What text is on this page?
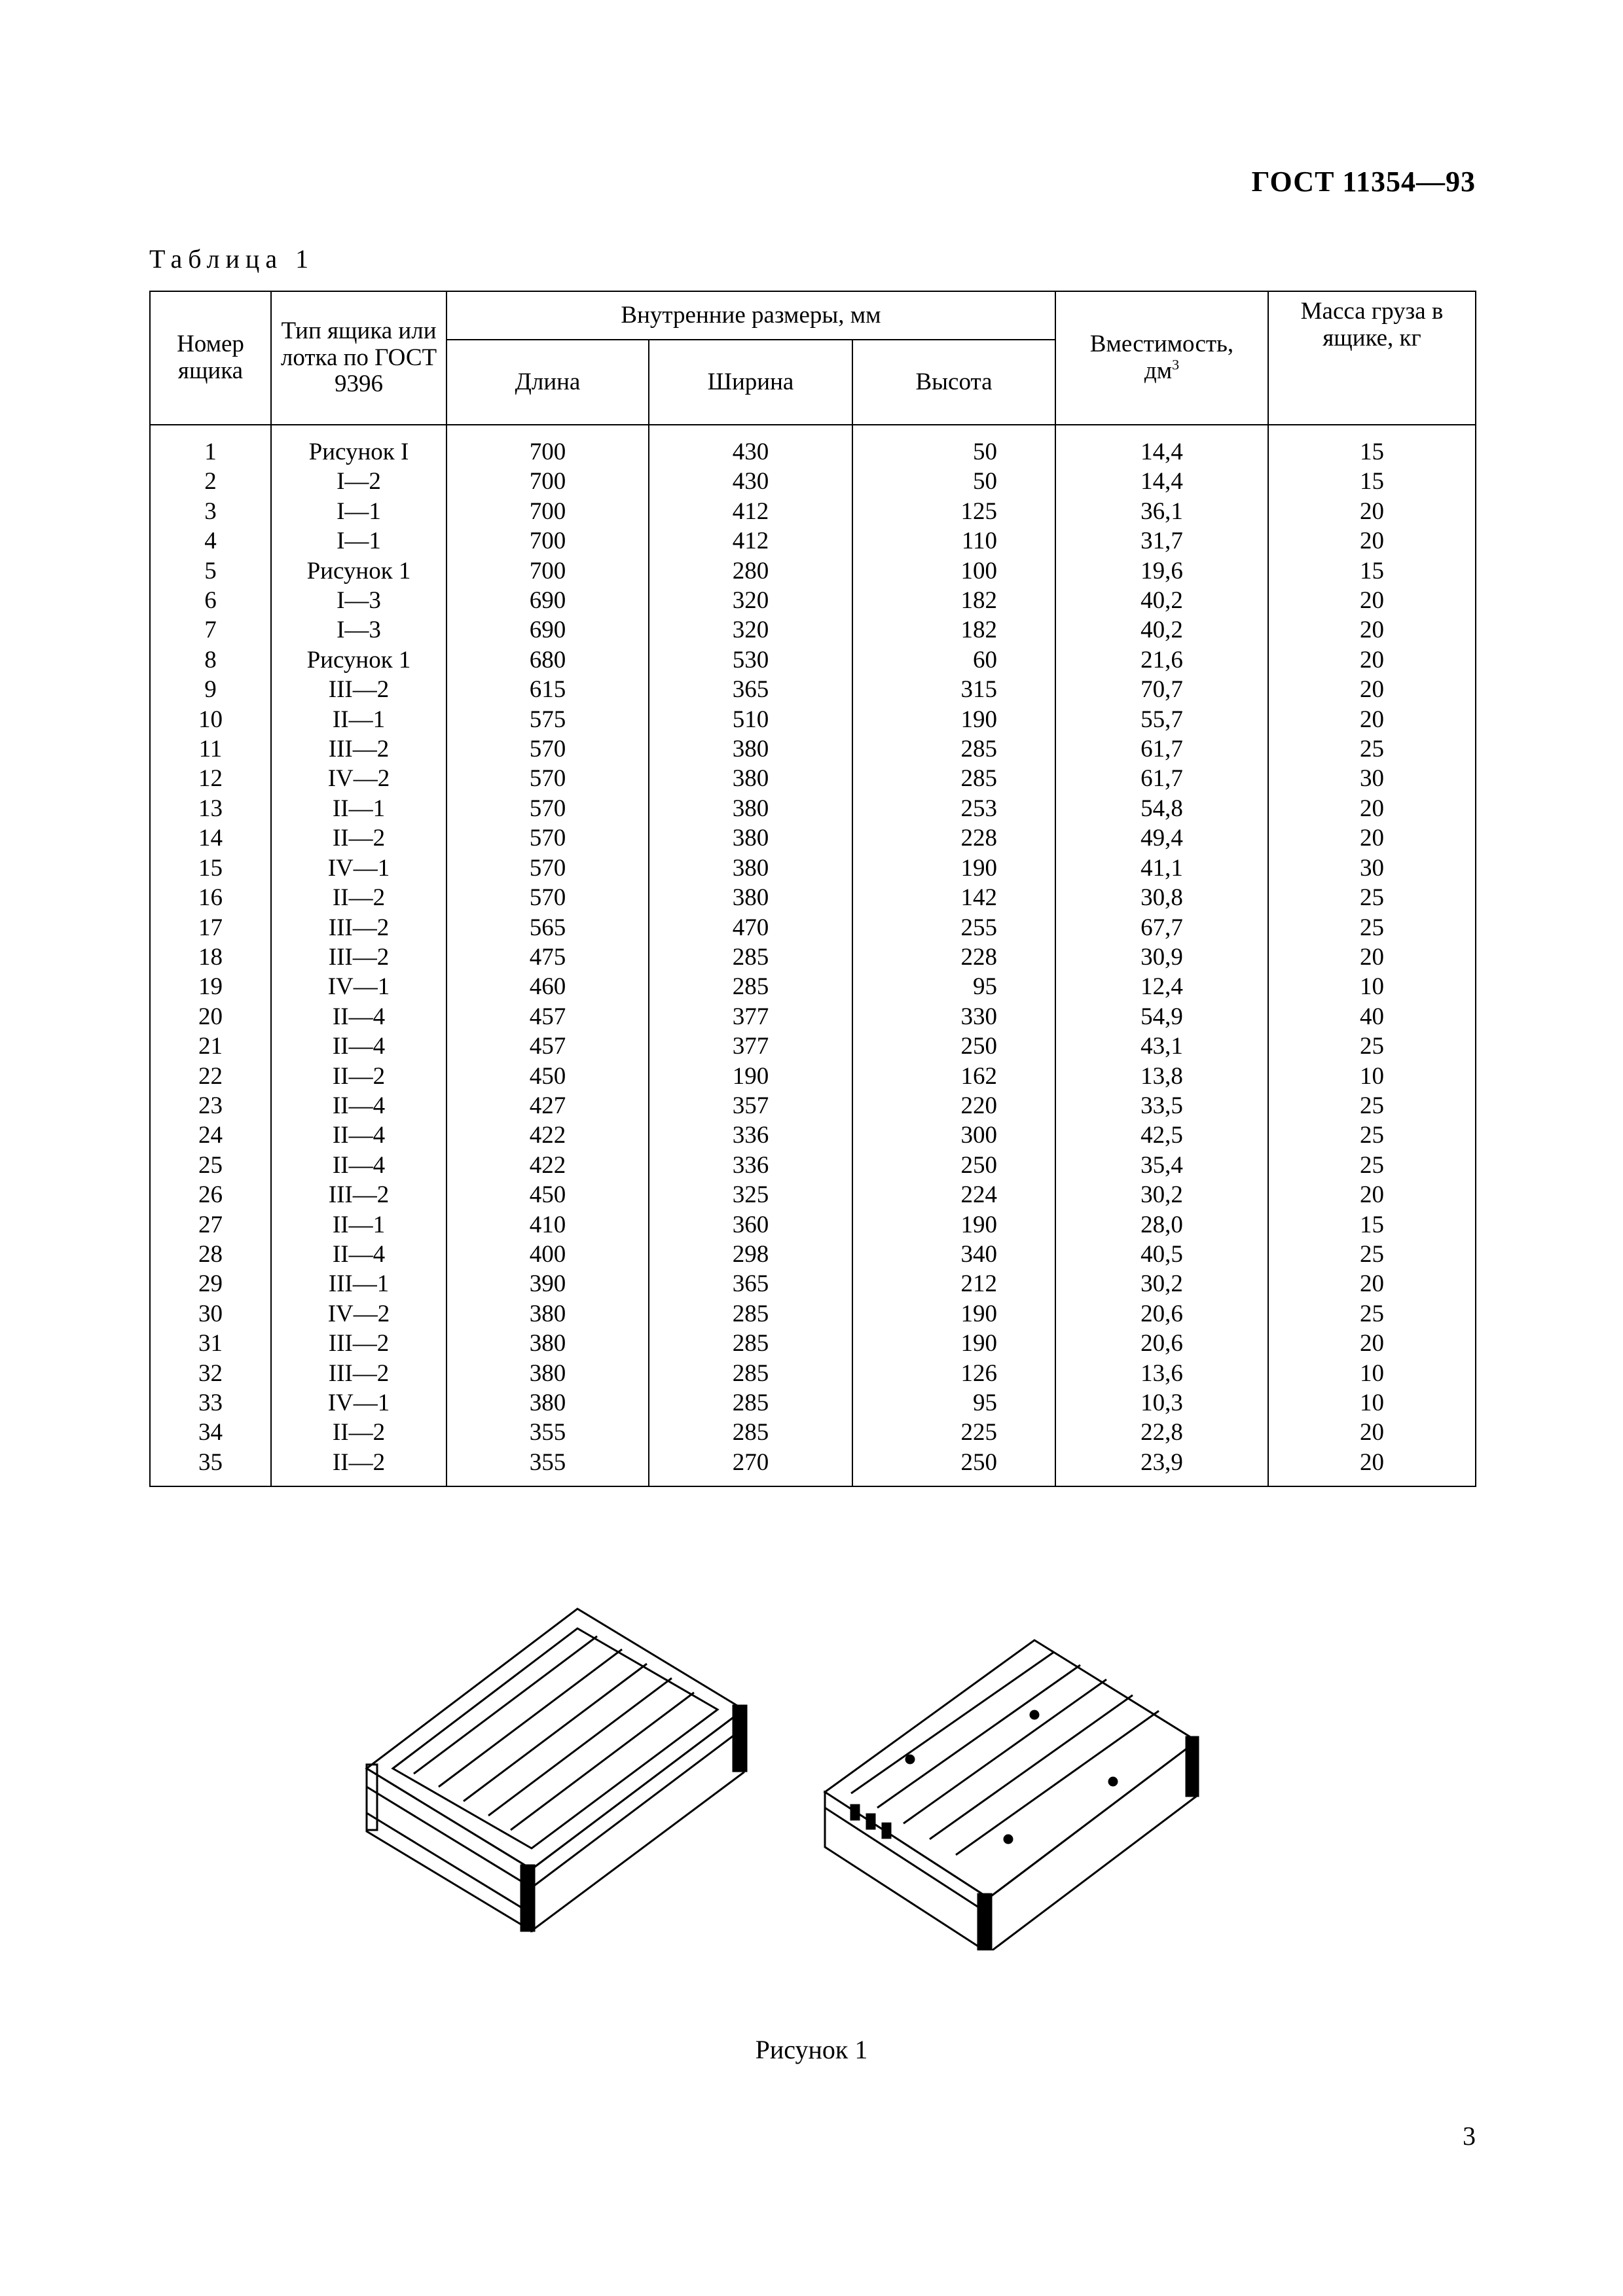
ГОСТ 11354—93
Таблица 1
Номер ящика	Тип ящика или лотка по ГОСТ 9396	Внутренние размеры, мм			Вместимость,
$дм^3$	Масса груза в ящике, кг
		Длина	Ширина	Высота		

1	Рисунок I	700	430	50	14,4	15
2	I—2	700	430	50	14,4	15
3	I—1	700	412	125	36,1	20
4	I—1	700	412	110	31,7	20
5	Рисунок 1	700	280	100	19,6	15
6	I—3	690	320	182	40,2	20
7	I—3	690	320	182	40,2	20
8	Рисунок 1	680	530	60	21,6	20
9	III—2	615	365	315	70,7	20
10	II—1	575	510	190	55,7	20
11	III—2	570	380	285	61,7	25
12	IV—2	570	380	285	61,7	30
13	II—1	570	380	253	54,8	20
14	II—2	570	380	228	49,4	20
15	IV—1	570	380	190	41,1	30
16	II—2	570	380	142	30,8	25
17	III—2	565	470	255	67,7	25
18	III—2	475	285	228	30,9	20
19	IV—1	460	285	95	12,4	10
20	II—4	457	377	330	54,9	40
21	II—4	457	377	250	43,1	25
22	II—2	450	190	162	13,8	10
23	II—4	427	357	220	33,5	25
24	II—4	422	336	300	42,5	25
25	II—4	422	336	250	35,4	25
26	III—2	450	325	224	30,2	20
27	II—1	410	360	190	28,0	15
28	II—4	400	298	340	40,5	25
29	III—1	390	365	212	30,2	20
30	IV—2	380	285	190	20,6	25
31	III—2	380	285	190	20,6	20
32	III—2	380	285	126	13,6	10
33	IV—1	380	285	95	10,3	10
34	II—2	355	285	225	22,8	20
35	II—2	355	270	250	23,9	20
Рисунок 1
3
